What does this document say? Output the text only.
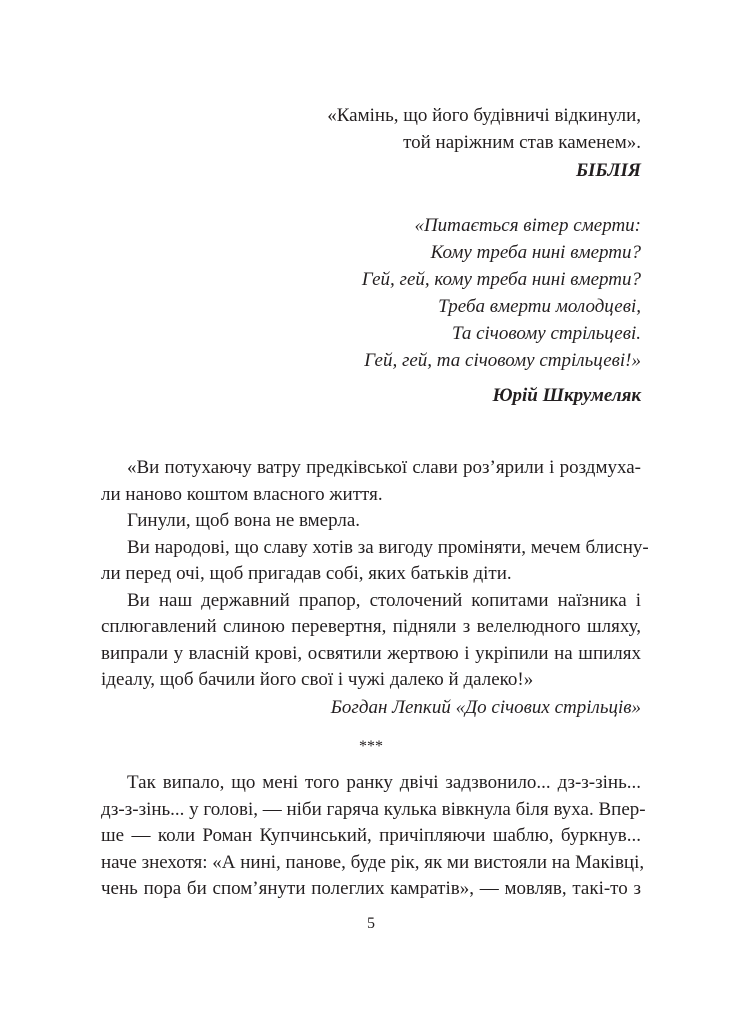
«Камінь, що його будівничі відкинули,
той наріжним став каменем».
БІБЛІЯ
«Питається вітер смерти:
Кому треба нині вмерти?
Гей, гей, кому треба нині вмерти?
Треба вмерти молодцеві,
Та січовому стрільцеві.
Гей, гей, та січовому стрільцеві!»
Юрій Шкрумеляк

«Ви потухаючу ватру предківської слави роз’ярили і роздмуха-
ли наново коштом власного життя.

Гинули, щоб вона не вмерла.

Ви народові, що славу хотів за вигоду проміняти, мечем блисну-
ли перед очі, щоб пригадав собі, яких батьків діти.

Ви наш державний прапор, столочений копитами наїзника і
сплюгавлений слиною перевертня, підняли з велелюдного шляху,
випрали у власній крові, освятили жертвою і укріпили на шпилях
ідеалу, щоб бачили його свої і чужі далеко й далеко!»

Богдан Лепкий «До січових стрільців»
***

Так випало, що мені того ранку двічі задзвонило... дз-з-зінь...
дз-з-зінь... у голові, — ніби гаряча кулька вівкнула біля вуха. Впер-
ше — коли Роман Купчинський, причіпляючи шаблю, буркнув...
наче знехотя: «А нині, панове, буде рік, як ми вистояли на Маківці,
чень пора би спом’янути полеглих камратів», — мовляв, такі-то з

5
